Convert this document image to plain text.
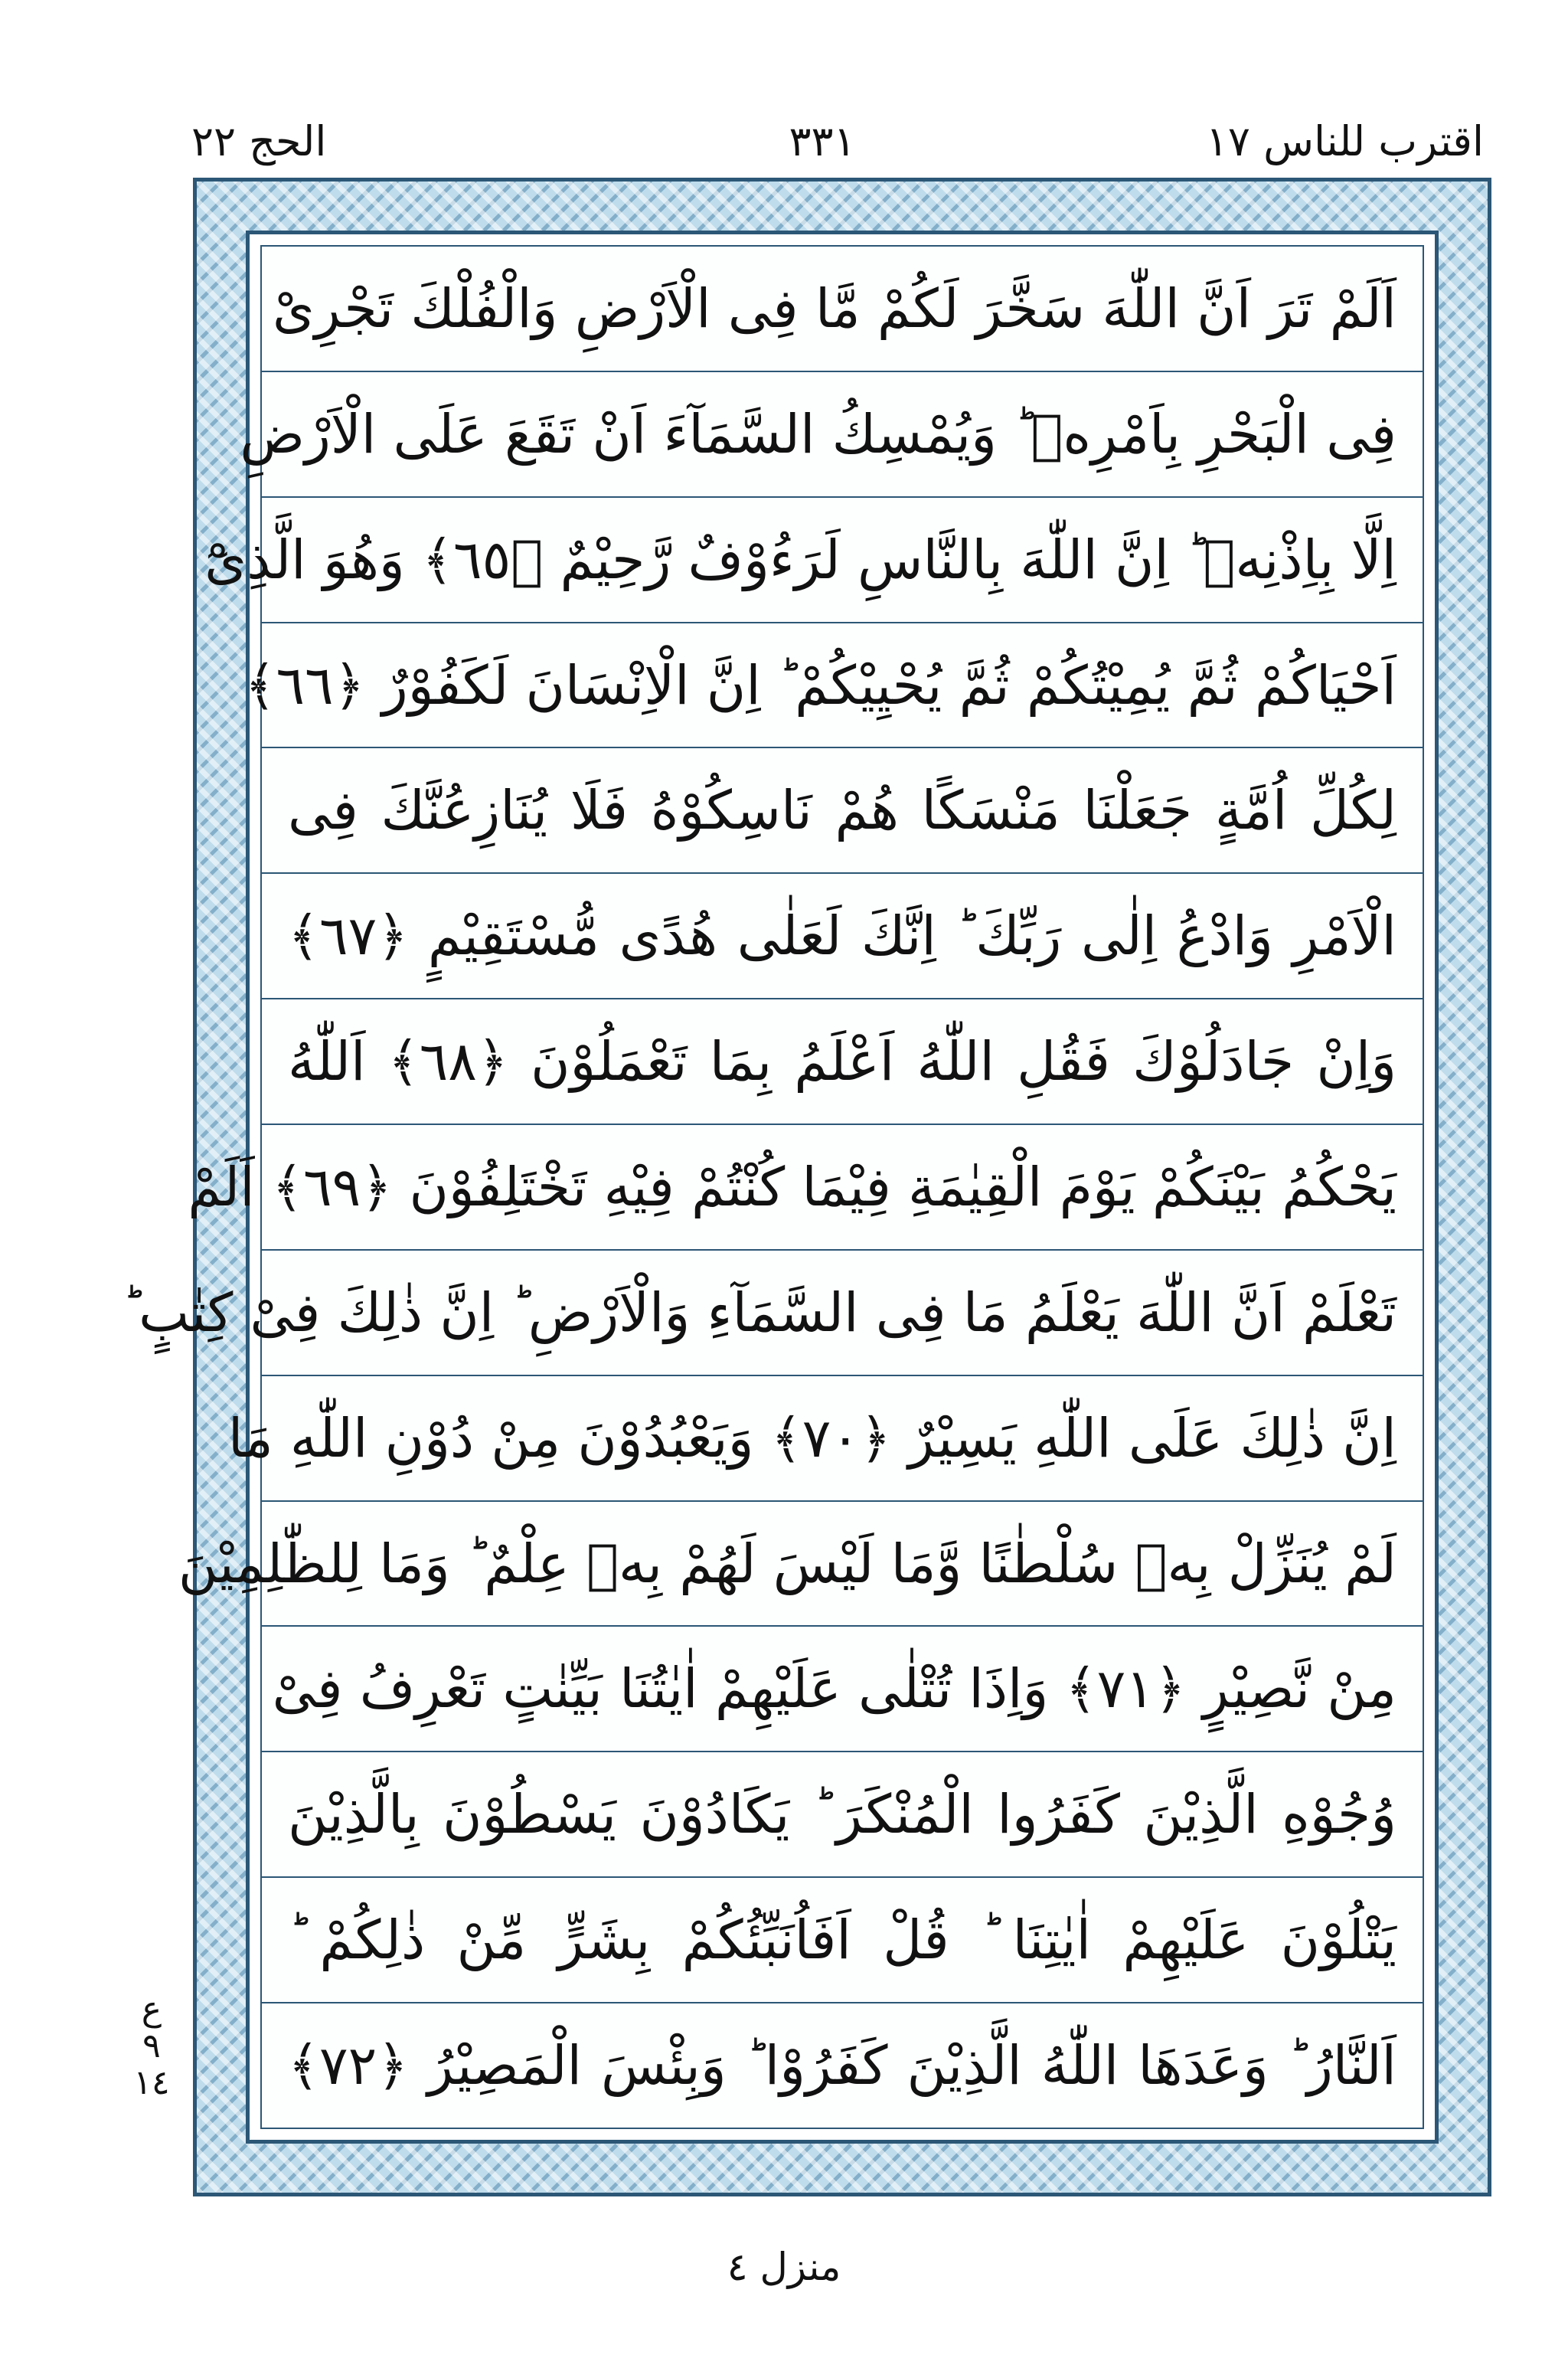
اقترب للناس ١٧
٣٣١
الحج ٢٢
اَلَمْ تَرَ اَنَّ اللّٰهَ سَخَّرَ لَكُمْ مَّا فِى الْاَرْضِ وَالْفُلْكَ تَجْرِىْ
فِى الْبَحْرِ بِاَمْرِهٖ ؕ وَيُمْسِكُ السَّمَآءَ اَنْ تَقَعَ عَلَى الْاَرْضِ
اِلَّا بِاِذْنِهٖ ؕ اِنَّ اللّٰهَ بِالنَّاسِ لَرَءُوْفٌ رَّحِيْمٌ ﴿٦٥﴾ وَهُوَ الَّذِىْٓ
اَحْيَاكُمْ ثُمَّ يُمِيْتُكُمْ ثُمَّ يُحْيِيْكُمْ ؕ اِنَّ الْاِنْسَانَ لَكَفُوْرٌ ﴿٦٦﴾
لِكُلِّ اُمَّةٍ جَعَلْنَا مَنْسَكًا هُمْ نَاسِكُوْهُ فَلَا يُنَازِعُنَّكَ فِى
الْاَمْرِ وَادْعُ اِلٰى رَبِّكَ ؕ اِنَّكَ لَعَلٰى هُدًى مُّسْتَقِيْمٍ ﴿٦٧﴾
وَاِنْ جَادَلُوْكَ فَقُلِ اللّٰهُ اَعْلَمُ بِمَا تَعْمَلُوْنَ ﴿٦٨﴾ اَللّٰهُ
يَحْكُمُ بَيْنَكُمْ يَوْمَ الْقِيٰمَةِ فِيْمَا كُنْتُمْ فِيْهِ تَخْتَلِفُوْنَ ﴿٦٩﴾ اَلَمْ
تَعْلَمْ اَنَّ اللّٰهَ يَعْلَمُ مَا فِى السَّمَآءِ وَالْاَرْضِ ؕ اِنَّ ذٰلِكَ فِىْ كِتٰبٍ ؕ
اِنَّ ذٰلِكَ عَلَى اللّٰهِ يَسِيْرٌ ﴿٧٠﴾ وَيَعْبُدُوْنَ مِنْ دُوْنِ اللّٰهِ مَا
لَمْ يُنَزِّلْ بِهٖ سُلْطٰنًا وَّمَا لَيْسَ لَهُمْ بِهٖ عِلْمٌ ؕ وَمَا لِلظّٰلِمِيْنَ
مِنْ نَّصِيْرٍ ﴿٧١﴾ وَاِذَا تُتْلٰى عَلَيْهِمْ اٰيٰتُنَا بَيِّنٰتٍ تَعْرِفُ فِىْ
وُجُوْهِ الَّذِيْنَ كَفَرُوا الْمُنْكَرَ ؕ يَكَادُوْنَ يَسْطُوْنَ بِالَّذِيْنَ
يَتْلُوْنَ عَلَيْهِمْ اٰيٰتِنَا ؕ قُلْ اَفَاُنَبِّئُكُمْ بِشَرٍّ مِّنْ ذٰلِكُمْ ؕ
اَلنَّارُ ؕ وَعَدَهَا اللّٰهُ الَّذِيْنَ كَفَرُوْا ؕ وَبِئْسَ الْمَصِيْرُ ﴿٧٢﴾
ع ٩ ١٤
منزل ٤
